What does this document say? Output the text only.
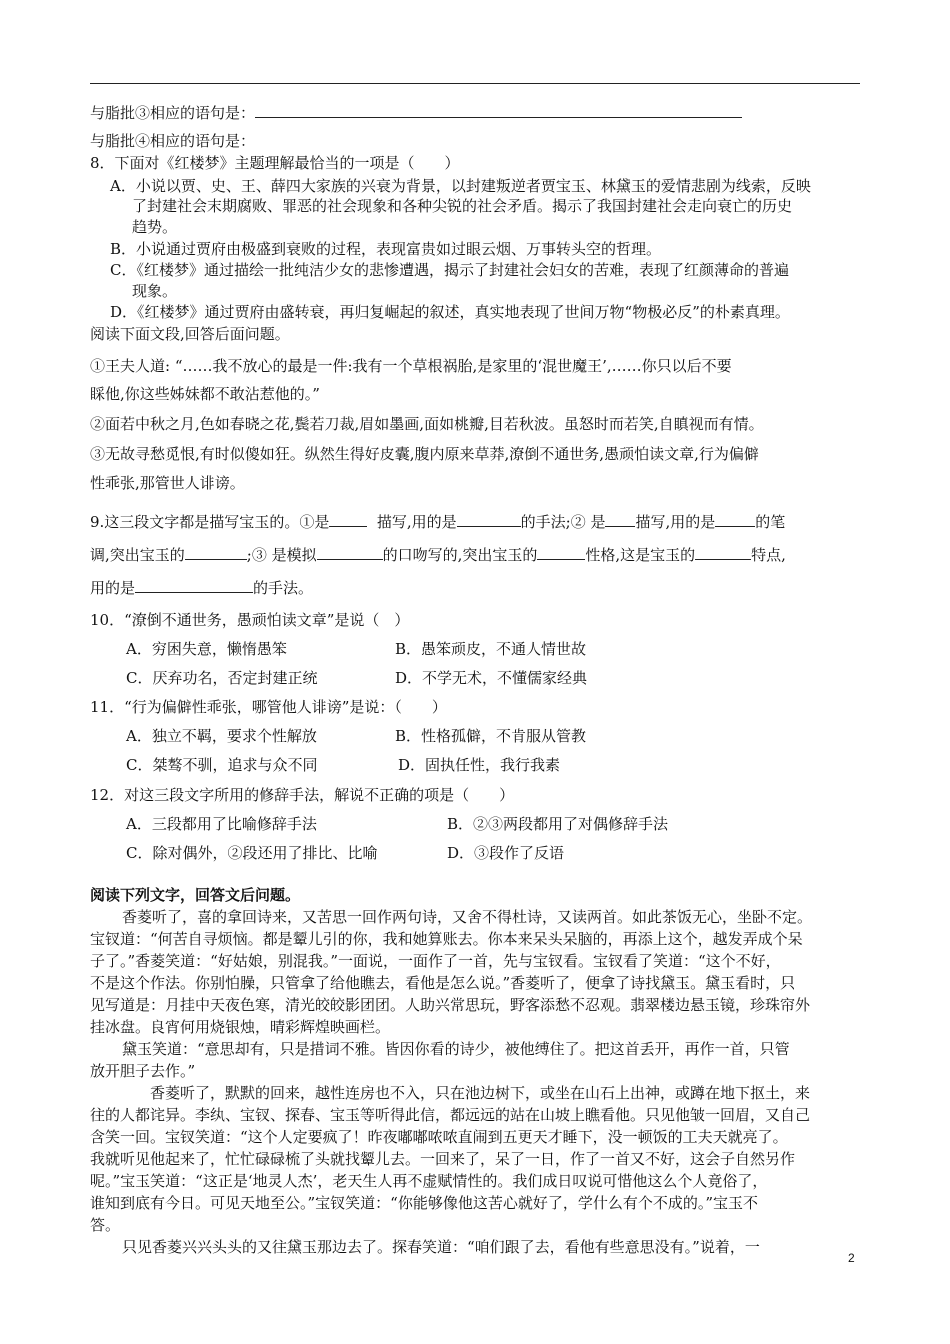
与脂批③相应的语句是：
与脂批④相应的语句是：
8．下面对《红楼梦》主题理解最恰当的一项是（　　）
A．小说以贾、史、王、薛四大家族的兴衰为背景，以封建叛逆者贾宝玉、林黛玉的爱情悲剧为线索，反映
了封建社会末期腐败、罪恶的社会现象和各种尖锐的社会矛盾。揭示了我国封建社会走向衰亡的历史
趋势。
B．小说通过贾府由极盛到衰败的过程，表现富贵如过眼云烟、万事转头空的哲理。
C．《红楼梦》通过描绘一批纯洁少女的悲惨遭遇，揭示了封建社会妇女的苦难，表现了红颜薄命的普遍
现象。
D．《红楼梦》通过贾府由盛转衰，再归复崛起的叙述，真实地表现了世间万物“物极必反”的朴素真理。
阅读下面文段,回答后面问题。
①王夫人道: “……我不放心的最是一件:我有一个草根祸胎,是家里的‘混世魔王’,……你只以后不要
睬他,你这些姊妹都不敢沾惹他的。”
②面若中秋之月,色如春晓之花,鬓若刀裁,眉如墨画,面如桃瓣,目若秋波。虽怒时而若笑,自瞋视而有情。
③无故寻愁觅恨,有时似傻如狂。纵然生得好皮囊,腹内原来草莽,潦倒不通世务,愚顽怕读文章,行为偏僻
性乖张,那管世人诽谤。
9.这三段文字都是描写宝玉的。①是	描写,用的是	的手法;② 是 描写,用的是	的笔
调,突出宝玉的	;③ 是模拟	的口吻写的,突出宝玉的	性格,这是宝玉的	特点,
用的是	的手法。
10．“潦倒不通世务，愚顽怕读文章”是说（　）
A．穷困失意，懒惰愚笨	B．愚笨顽皮，不通人情世故
C．厌弃功名，否定封建正统	D．不学无术，不懂儒家经典
11．“行为偏僻性乖张，哪管他人诽谤”是说：（　　）
A．独立不羁，要求个性解放	B．性格孤僻，不肯服从管教
C．桀骜不驯，追求与众不同	D．固执任性，我行我素
12．对这三段文字所用的修辞手法，解说不正确的项是（　　）
A．三段都用了比喻修辞手法	B．②③两段都用了对偶修辞手法
C．除对偶外，②段还用了排比、比喻	D．③段作了反语
阅读下列文字，回答文后问题。
香菱听了，喜的拿回诗来，又苦思一回作两句诗，又舍不得杜诗，又读两首。如此茶饭无心，坐卧不定。
宝钗道：“何苦自寻烦恼。都是颦儿引的你，我和她算账去。你本来呆头呆脑的，再添上这个，越发弄成个呆
子了。”香菱笑道：“好姑娘，别混我。”一面说，一面作了一首，先与宝钗看。宝钗看了笑道：“这个不好，
不是这个作法。你别怕臊，只管拿了给他瞧去，看他是怎么说。”香菱听了，便拿了诗找黛玉。黛玉看时，只
见写道是：月挂中天夜色寒，清光皎皎影团团。人助兴常思玩，野客添愁不忍观。翡翠楼边悬玉镜，珍珠帘外
挂冰盘。良宵何用烧银烛，晴彩辉煌映画栏。
黛玉笑道：“意思却有，只是措词不雅。皆因你看的诗少，被他缚住了。把这首丢开，再作一首，只管
放开胆子去作。”
香菱听了，默默的回来，越性连房也不入，只在池边树下，或坐在山石上出神，或蹲在地下抠土，来
往的人都诧异。李纨、宝钗、探春、宝玉等听得此信，都远远的站在山坡上瞧看他。只见他皱一回眉，又自己
含笑一回。宝钗笑道：“这个人定要疯了！昨夜嘟嘟哝哝直闹到五更天才睡下，没一顿饭的工夫天就亮了。
我就听见他起来了，忙忙碌碌梳了头就找颦儿去。一回来了，呆了一日，作了一首又不好，这会子自然另作
呢。”宝玉笑道：“这正是‘地灵人杰’，老天生人再不虚赋情性的。我们成日叹说可惜他这么个人竟俗了，
谁知到底有今日。可见天地至公。”宝钗笑道：“你能够像他这苦心就好了，学什么有个不成的。”宝玉不
答。
只见香菱兴兴头头的又往黛玉那边去了。探春笑道：“咱们跟了去，看他有些意思没有。”说着，一
2
